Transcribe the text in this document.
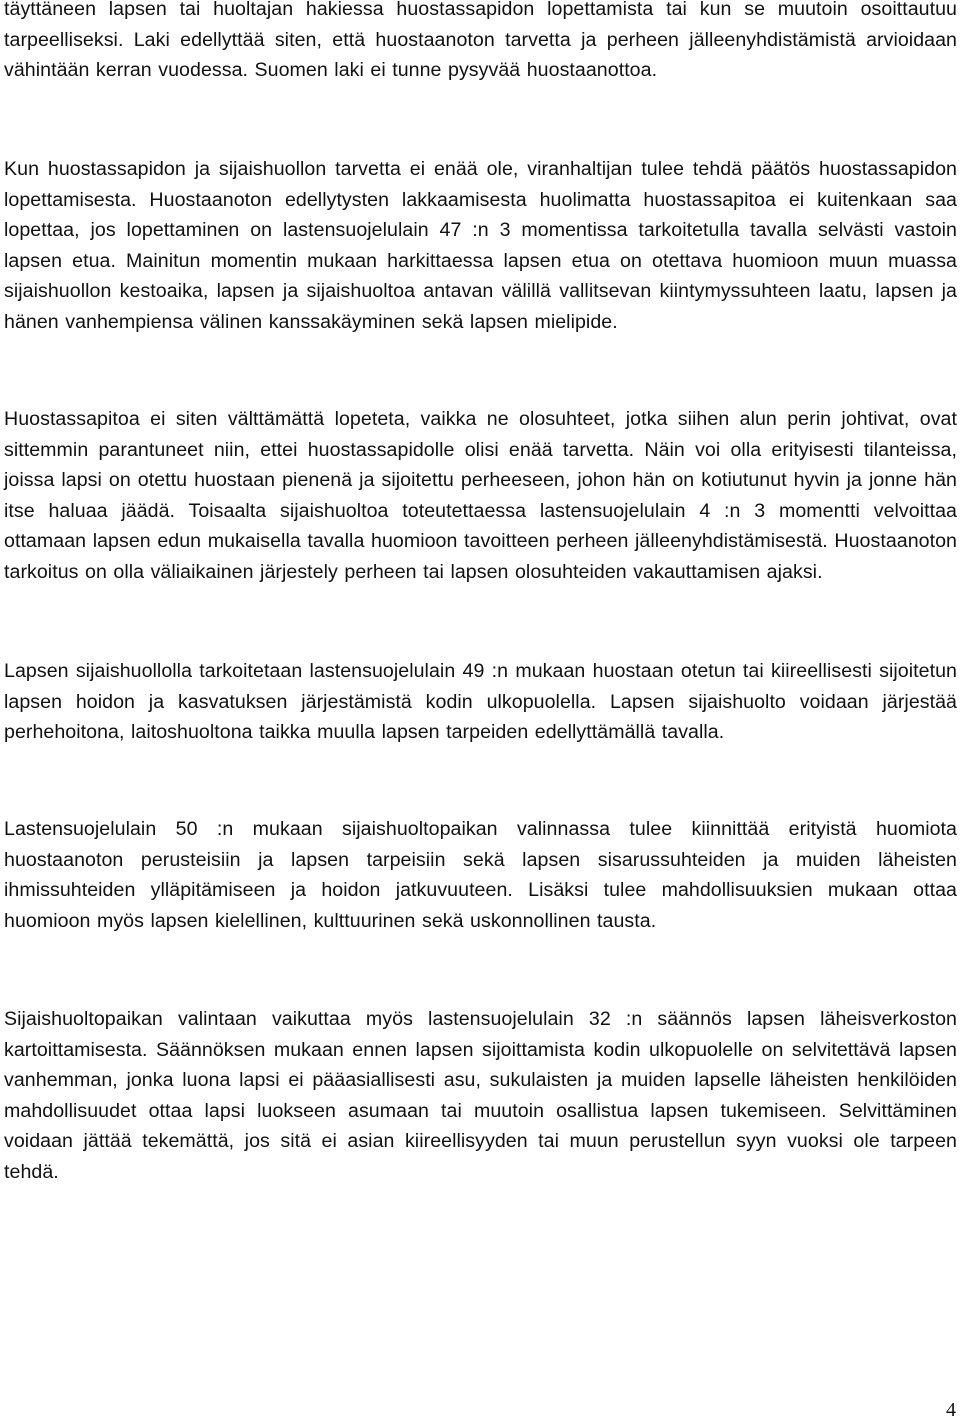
täyttäneen lapsen tai huoltajan hakiessa huostassapidon lopettamista tai kun se muutoin osoittautuu tarpeelliseksi. Laki edellyttää siten, että huostaanoton tarvetta ja perheen jälleenyhdistämistä arvioidaan vähintään kerran vuodessa. Suomen laki ei tunne pysyvää huostaanottoa.

Kun huostassapidon ja sijaishuollon tarvetta ei enää ole, viranhaltijan tulee tehdä päätös huostassapidon lopettamisesta. Huostaanoton edellytysten lakkaamisesta huolimatta huostassapitoa ei kuitenkaan saa lopettaa, jos lopettaminen on lastensuojelulain 47 :n 3 momentissa tarkoitetulla tavalla selvästi vastoin lapsen etua. Mainitun momentin mukaan harkittaessa lapsen etua on otettava huomioon muun muassa sijaishuollon kestoaika, lapsen ja sijaishuoltoa antavan välillä vallitsevan kiintymyssuhteen laatu, lapsen ja hänen vanhempiensa välinen kanssakäyminen sekä lapsen mielipide.

Huostassapitoa ei siten välttämättä lopeteta, vaikka ne olosuhteet, jotka siihen alun perin johtivat, ovat sittemmin parantuneet niin, ettei huostassapidolle olisi enää tarvetta. Näin voi olla erityisesti tilanteissa, joissa lapsi on otettu huostaan pienenä ja sijoitettu perheeseen, johon hän on kotiutunut hyvin ja jonne hän itse haluaa jäädä. Toisaalta sijaishuoltoa toteutettaessa lastensuojelulain 4 :n 3 momentti velvoittaa ottamaan lapsen edun mukaisella tavalla huomioon tavoitteen perheen jälleenyhdistämisestä. Huostaanoton tarkoitus on olla väliaikainen järjestely perheen tai lapsen olosuhteiden vakauttamisen ajaksi.

Lapsen sijaishuollolla tarkoitetaan lastensuojelulain 49 :n mukaan huostaan otetun tai kiireellisesti sijoitetun lapsen hoidon ja kasvatuksen järjestämistä kodin ulkopuolella. Lapsen sijaishuolto voidaan järjestää perhehoitona, laitoshuoltona taikka muulla lapsen tarpeiden edellyttämällä tavalla.

Lastensuojelulain 50 :n mukaan sijaishuoltopaikan valinnassa tulee kiinnittää erityistä huomiota huostaanoton perusteisiin ja lapsen tarpeisiin sekä lapsen sisarussuhteiden ja muiden läheisten ihmissuhteiden ylläpitämiseen ja hoidon jatkuvuuteen. Lisäksi tulee mahdollisuuksien mukaan ottaa huomioon myös lapsen kielellinen, kulttuurinen sekä uskonnollinen tausta.

Sijaishuoltopaikan valintaan vaikuttaa myös lastensuojelulain 32 :n säännös lapsen läheisverkoston kartoittamisesta. Säännöksen mukaan ennen lapsen sijoittamista kodin ulkopuolelle on selvitettävä lapsen vanhemman, jonka luona lapsi ei pääasiallisesti asu, sukulaisten ja muiden lapselle läheisten henkilöiden mahdollisuudet ottaa lapsi luokseen asumaan tai muutoin osallistua lapsen tukemiseen. Selvittäminen voidaan jättää tekemättä, jos sitä ei asian kiireellisyyden tai muun perustellun syyn vuoksi ole tarpeen tehdä.

4
